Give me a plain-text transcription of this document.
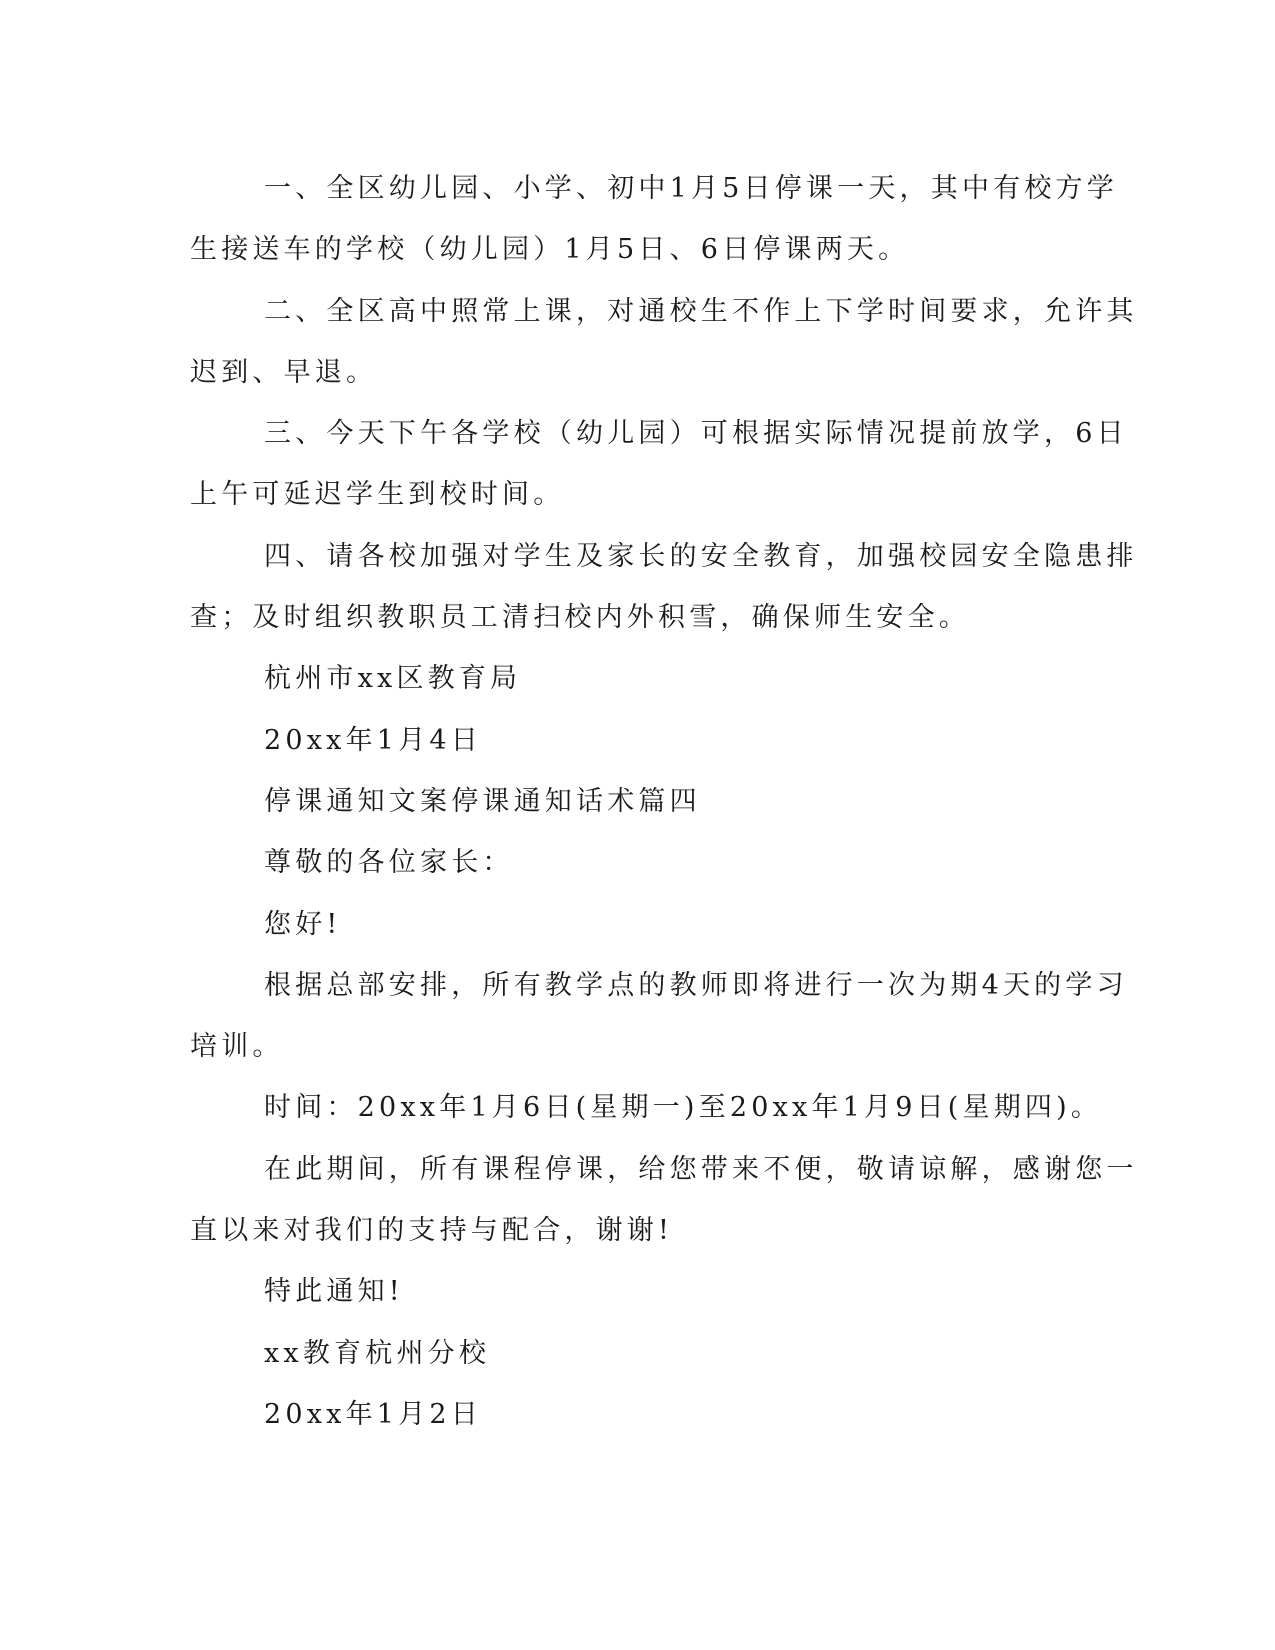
一、全区幼儿园、小学、初中1月5日停课一天，其中有校方学
生接送车的学校（幼儿园）1月5日、6日停课两天。
二、全区高中照常上课，对通校生不作上下学时间要求，允许其
迟到、早退。
三、今天下午各学校（幼儿园）可根据实际情况提前放学，6日
上午可延迟学生到校时间。
四、请各校加强对学生及家长的安全教育，加强校园安全隐患排
查；及时组织教职员工清扫校内外积雪，确保师生安全。
杭州市xx区教育局
20xx年1月4日
停课通知文案停课通知话术篇四
尊敬的各位家长：
您好!
根据总部安排，所有教学点的教师即将进行一次为期4天的学习
培训。
时间：20xx年1月6日(星期一)至20xx年1月9日(星期四)。
在此期间，所有课程停课，给您带来不便，敬请谅解，感谢您一
直以来对我们的支持与配合，谢谢!
特此通知!
xx教育杭州分校
20xx年1月2日
